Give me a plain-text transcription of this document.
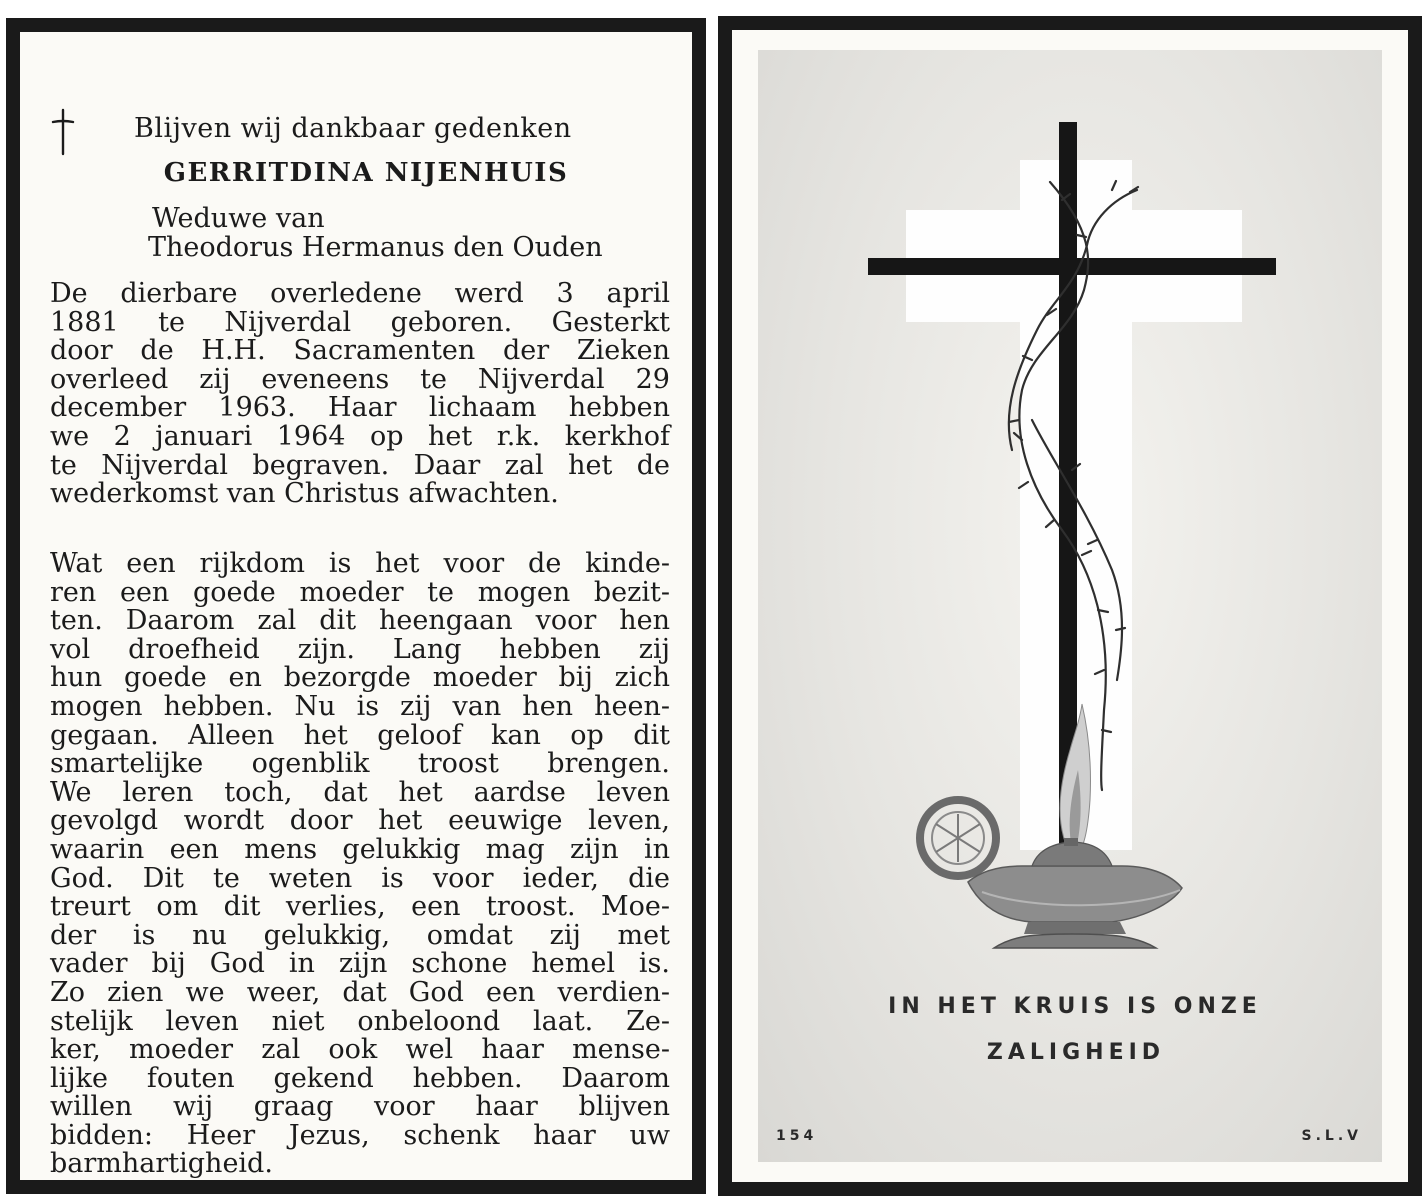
Blijven wij dankbaar gedenken
GERRITDINA NIJENHUIS
Weduwe van
Theodorus Hermanus den Ouden
De dierbare overledene werd 3 april
1881 te Nijverdal geboren. Gesterkt
door de H.H. Sacramenten der Zieken
overleed zij eveneens te Nijverdal 29
december 1963. Haar lichaam hebben
we 2 januari 1964 op het r.k. kerkhof
te Nijverdal begraven. Daar zal het de
wederkomst van Christus afwachten.
Wat een rijkdom is het voor de kinde-
ren een goede moeder te mogen bezit-
ten. Daarom zal dit heengaan voor hen
vol droefheid zijn. Lang hebben zij
hun goede en bezorgde moeder bij zich
mogen hebben. Nu is zij van hen heen-
gegaan. Alleen het geloof kan op dit
smartelijke ogenblik troost brengen.
We leren toch, dat het aardse leven
gevolgd wordt door het eeuwige leven,
waarin een mens gelukkig mag zijn in
God. Dit te weten is voor ieder, die
treurt om dit verlies, een troost. Moe-
der is nu gelukkig, omdat zij met
vader bij God in zijn schone hemel is.
Zo zien we weer, dat God een verdien-
stelijk leven niet onbeloond laat. Ze-
ker, moeder zal ook wel haar mense-
lijke fouten gekend hebben. Daarom
willen wij graag voor haar blijven
bidden: Heer Jezus, schenk haar uw
barmhartigheid.
IN HET KRUIS IS ONZE
ZALIGHEID
154	S.L.V
